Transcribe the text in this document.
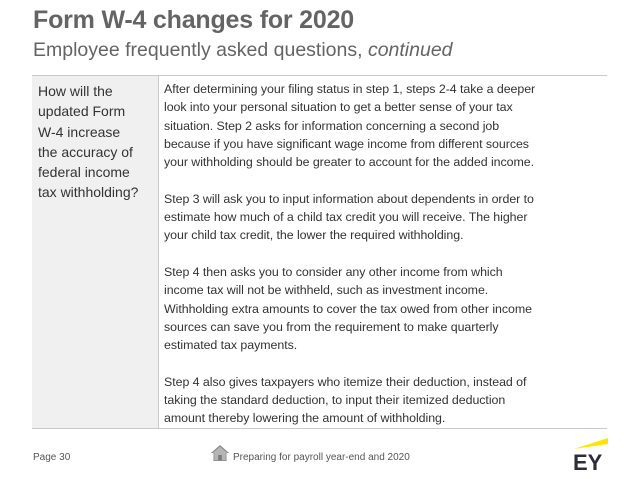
Form W-4 changes for 2020
Employee frequently asked questions, continued
How will the
updated Form
W-4 increase
the accuracy of
federal income
tax withholding?
After determining your filing status in step 1, steps 2-4 take a deeper
look into your personal situation to get a better sense of your tax
situation. Step 2 asks for information concerning a second job
because if you have significant wage income from different sources
your withholding should be greater to account for the added income.
Step 3 will ask you to input information about dependents in order to
estimate how much of a child tax credit you will receive. The higher
your child tax credit, the lower the required withholding.
Step 4 then asks you to consider any other income from which
income tax will not be withheld, such as investment income.
Withholding extra amounts to cover the tax owed from other income
sources can save you from the requirement to make quarterly
estimated tax payments.
Step 4 also gives taxpayers who itemize their deduction, instead of
taking the standard deduction, to input their itemized deduction
amount thereby lowering the amount of withholding.
Page 30	Preparing for payroll year-end and 2020	EY
